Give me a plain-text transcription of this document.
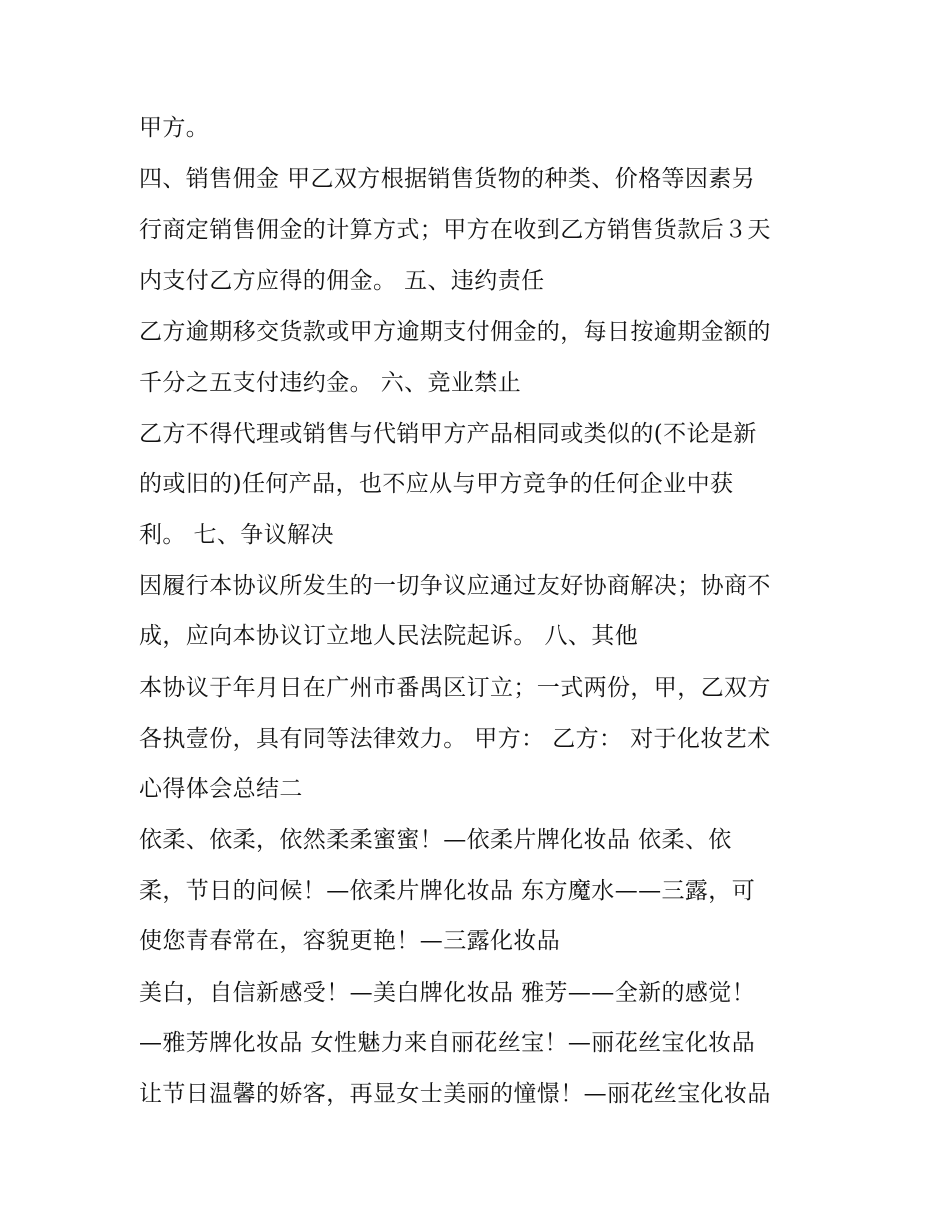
甲方。
四、销售佣金 甲乙双方根据销售货物的种类、价格等因素另
行商定销售佣金的计算方式；甲方在收到乙方销售货款后３天
内支付乙方应得的佣金。 五、违约责任
乙方逾期移交货款或甲方逾期支付佣金的，每日按逾期金额的
千分之五支付违约金。 六、竞业禁止
乙方不得代理或销售与代销甲方产品相同或类似的(不论是新
的或旧的)任何产品，也不应从与甲方竞争的任何企业中获
利。 七、争议解决
因履行本协议所发生的一切争议应通过友好协商解决；协商不
成，应向本协议订立地人民法院起诉。 八、其他
本协议于年月日在广州市番禺区订立；一式两份，甲，乙双方
各执壹份，具有同等法律效力。 甲方： 乙方： 对于化妆艺术
心得体会总结二
依柔、依柔，依然柔柔蜜蜜！—依柔片牌化妆品 依柔、依
柔，节日的问候！—依柔片牌化妆品 东方魔水——三露，可
使您青春常在，容貌更艳！—三露化妆品
美白，自信新感受！—美白牌化妆品 雅芳——全新的感觉！
—雅芳牌化妆品 女性魅力来自丽花丝宝！—丽花丝宝化妆品
让节日温馨的娇客，再显女士美丽的憧憬！—丽花丝宝化妆品
